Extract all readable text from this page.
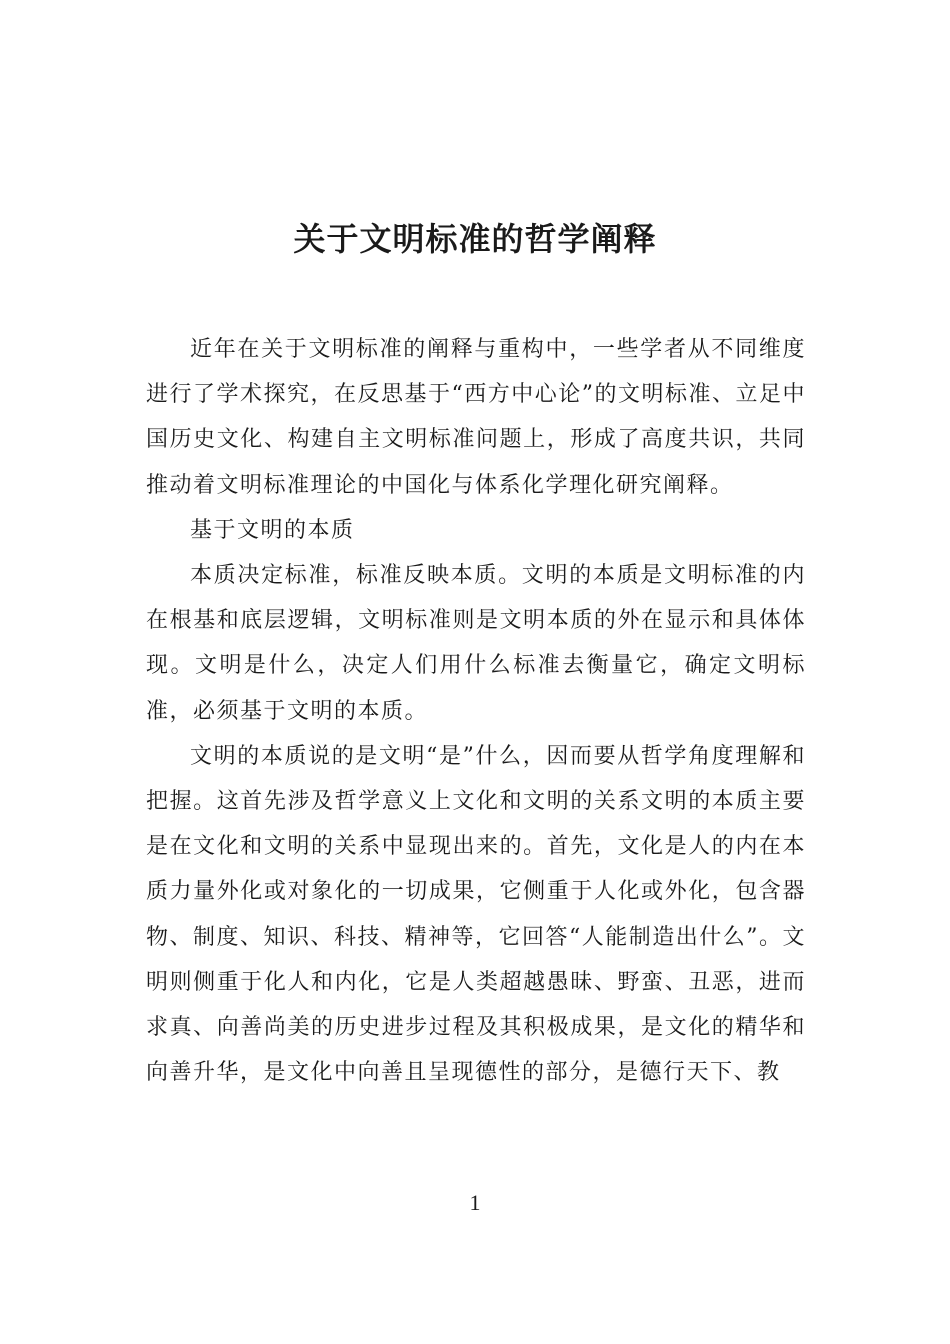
关于文明标准的哲学阐释

近年在关于文明标准的阐释与重构中，一些学者从不同维度进行了学术探究，在反思基于“西方中心论”的文明标准、立足中国历史文化、构建自主文明标准问题上，形成了高度共识，共同推动着文明标准理论的中国化与体系化学理化研究阐释。

基于文明的本质

本质决定标准，标准反映本质。文明的本质是文明标准的内在根基和底层逻辑，文明标准则是文明本质的外在显示和具体体现。文明是什么，决定人们用什么标准去衡量它，确定文明标准，必须基于文明的本质。

文明的本质说的是文明“是”什么，因而要从哲学角度理解和把握。这首先涉及哲学意义上文化和文明的关系文明的本质主要是在文化和文明的关系中显现出来的。首先，文化是人的内在本质力量外化或对象化的一切成果，它侧重于人化或外化，包含器物、制度、知识、科技、精神等，它回答“人能制造出什么”。文明则侧重于化人和内化，它是人类超越愚昧、野蛮、丑恶，进而求真、向善尚美的历史进步过程及其积极成果，是文化的精华和向善升华，是文化中向善且呈现德性的部分，是德行天下、教

1
